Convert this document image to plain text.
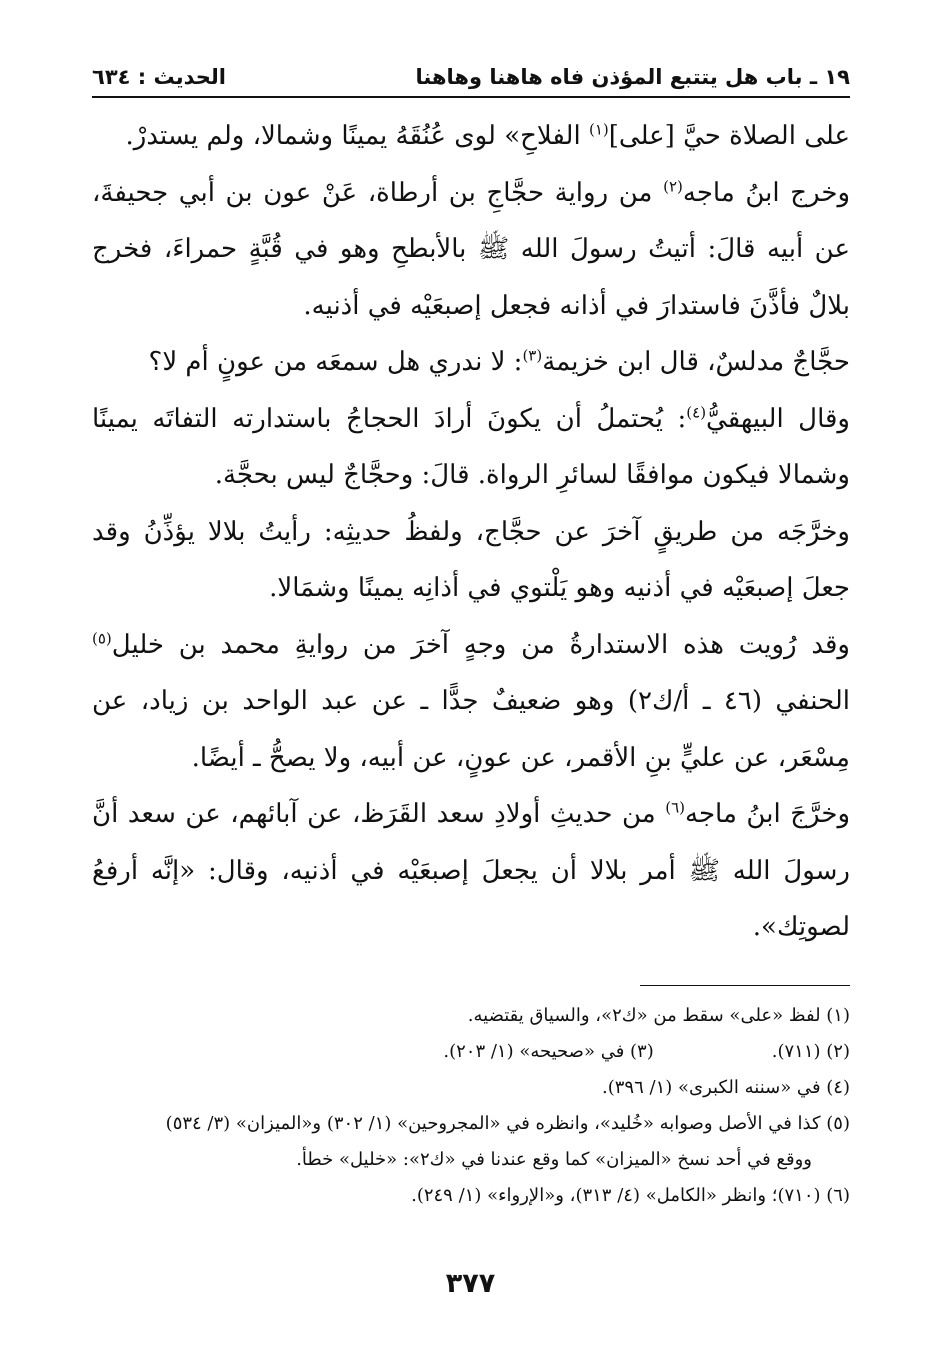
١٩ ـ باب هل يتتبع المؤذن فاه هاهنا وهاهنا
الحديث : ٦٣٤

على الصلاة حيَّ [على]$^{(١)}$ الفلاحِ» لوى عُنُقَهُ يمينًا وشمالا، ولم يستدرْ.

وخرج ابنُ ماجه$^{(٢)}$ من رواية حجَّاجِ بن أرطاة، عَنْ عون بن أبي جحيفةَ، عن أبيه قالَ: أتيتُ رسولَ الله ﷺ بالأبطحِ وهو في قُبَّةٍ حمراءَ، فخرج بلالٌ فأذَّنَ فاستدارَ في أذانه فجعل إصبعَيْه في أذنيه.

حجَّاجٌ مدلسٌ، قال ابن خزيمة$^{(٣)}$: لا ندري هل سمعَه من عونٍ أم لا؟

وقال البيهقيُّ$^{(٤)}$: يُحتملُ أن يكونَ أرادَ الحجاجُ باستدارته التفاتَه يمينًا وشمالا فيكون موافقًا لسائرِ الرواة. قالَ: وحجَّاجٌ ليس بحجَّة.

وخرَّجَه من طريقٍ آخرَ عن حجَّاج، ولفظُ حديثِه: رأيتُ بلالا يؤذِّنُ وقد جعلَ إصبعَيْه في أذنيه وهو يَلْتوي في أذانِه يمينًا وشمَالا.

وقد رُويت هذه الاستدارةُ من وجهٍ آخرَ من روايةِ محمد بن خليل$^{(٥)}$ الحنفي (٤٦ ـ أ/ك٢) وهو ضعيفٌ جدًّا ـ عن عبد الواحد بن زياد، عن مِسْعَر، عن عليٍّ بنِ الأقمر، عن عونٍ، عن أبيه، ولا يصحُّ ـ أيضًا.

وخرَّجَ ابنُ ماجه$^{(٦)}$ من حديثِ أولادِ سعد القَرَظ، عن آبائهم، عن سعد أنَّ رسولَ الله ﷺ أمر بلالا أن يجعلَ إصبعَيْه في أذنيه، وقال: «إنَّه أرفعُ لصوتِك».

(١) لفظ «على» سقط من «ك٢»، والسياق يقتضيه.

(٢) (٧١١).

(٣) في «صحيحه» (١/ ٢٠٣).

(٤) في «سننه الكبرى» (١/ ٣٩٦).

(٥) كذا في الأصل وصوابه «خُليد»، وانظره في «المجروحين» (١/ ٣٠٢) و«الميزان» (٣/ ٥٣٤)

ووقع في أحد نسخ «الميزان» كما وقع عندنا في «ك٢»: «خليل» خطأ.

(٦) (٧١٠)؛ وانظر «الكامل» (٤/ ٣١٣)، و«الإرواء» (١/ ٢٤٩).

٣٧٧
